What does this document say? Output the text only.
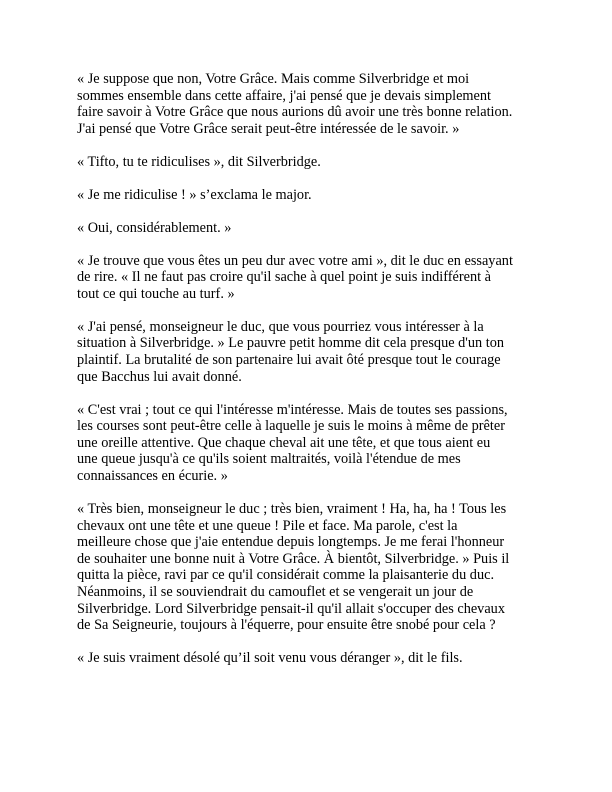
« Je suppose que non, Votre Grâce. Mais comme Silverbridge et moi
sommes ensemble dans cette affaire, j'ai pensé que je devais simplement
faire savoir à Votre Grâce que nous aurions dû avoir une très bonne relation.
J'ai pensé que Votre Grâce serait peut-être intéressée de le savoir. »

« Tifto, tu te ridiculises », dit Silverbridge.

« Je me ridiculise ! » s’exclama le major.

« Oui, considérablement. »

« Je trouve que vous êtes un peu dur avec votre ami », dit le duc en essayant
de rire. « Il ne faut pas croire qu'il sache à quel point je suis indifférent à
tout ce qui touche au turf. »

« J'ai pensé, monseigneur le duc, que vous pourriez vous intéresser à la
situation à Silverbridge. » Le pauvre petit homme dit cela presque d'un ton
plaintif. La brutalité de son partenaire lui avait ôté presque tout le courage
que Bacchus lui avait donné.

« C'est vrai ; tout ce qui l'intéresse m'intéresse. Mais de toutes ses passions,
les courses sont peut-être celle à laquelle je suis le moins à même de prêter
une oreille attentive. Que chaque cheval ait une tête, et que tous aient eu
une queue jusqu'à ce qu'ils soient maltraités, voilà l'étendue de mes
connaissances en écurie. »

« Très bien, monseigneur le duc ; très bien, vraiment ! Ha, ha, ha ! Tous les
chevaux ont une tête et une queue ! Pile et face. Ma parole, c'est la
meilleure chose que j'aie entendue depuis longtemps. Je me ferai l'honneur
de souhaiter une bonne nuit à Votre Grâce. À bientôt, Silverbridge. » Puis il
quitta la pièce, ravi par ce qu'il considérait comme la plaisanterie du duc.
Néanmoins, il se souviendrait du camouflet et se vengerait un jour de
Silverbridge. Lord Silverbridge pensait-il qu'il allait s'occuper des chevaux
de Sa Seigneurie, toujours à l'équerre, pour ensuite être snobé pour cela ?

« Je suis vraiment désolé qu’il soit venu vous déranger », dit le fils.
